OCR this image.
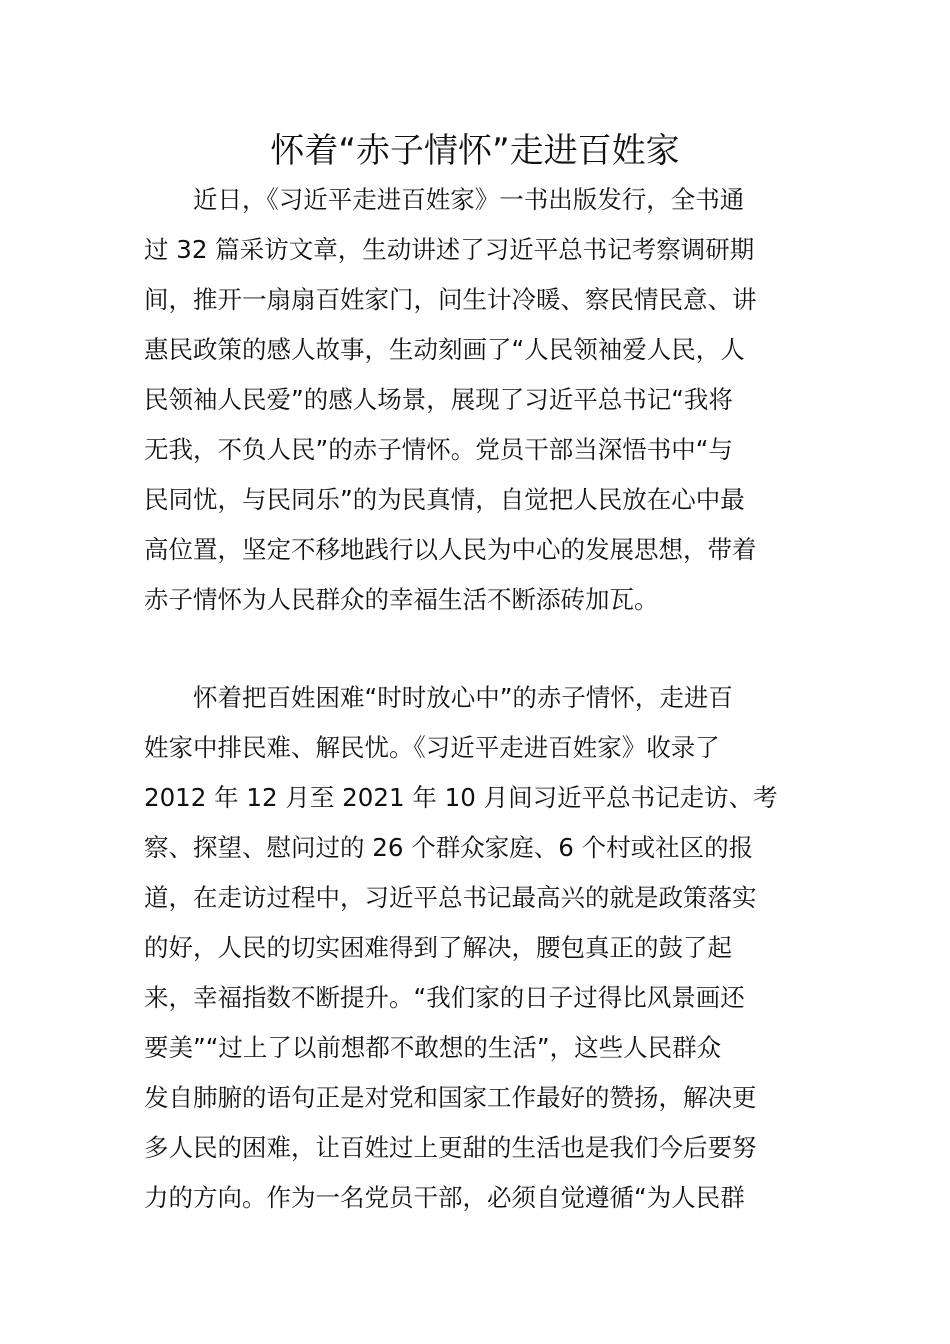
怀着“赤子情怀”走进百姓家
近日，《习近平走进百姓家》一书出版发行，全书通
过 32 篇采访文章，生动讲述了习近平总书记考察调研期
间，推开一扇扇百姓家门，问生计冷暖、察民情民意、讲
惠民政策的感人故事，生动刻画了“人民领袖爱人民，人
民领袖人民爱”的感人场景，展现了习近平总书记“我将
无我，不负人民”的赤子情怀。党员干部当深悟书中“与
民同忧，与民同乐”的为民真情，自觉把人民放在心中最
高位置，坚定不移地践行以人民为中心的发展思想，带着
赤子情怀为人民群众的幸福生活不断添砖加瓦。
怀着把百姓困难“时时放心中”的赤子情怀，走进百
姓家中排民难、解民忧。《习近平走进百姓家》收录了
2012 年 12 月至 2021 年 10 月间习近平总书记走访、考
察、探望、慰问过的 26 个群众家庭、6 个村或社区的报
道，在走访过程中，习近平总书记最高兴的就是政策落实
的好，人民的切实困难得到了解决，腰包真正的鼓了起
来，幸福指数不断提升。“我们家的日子过得比风景画还
要美”“过上了以前想都不敢想的生活”，这些人民群众
发自肺腑的语句正是对党和国家工作最好的赞扬，解决更
多人民的困难，让百姓过上更甜的生活也是我们今后要努
力的方向。作为一名党员干部，必须自觉遵循“为人民群
